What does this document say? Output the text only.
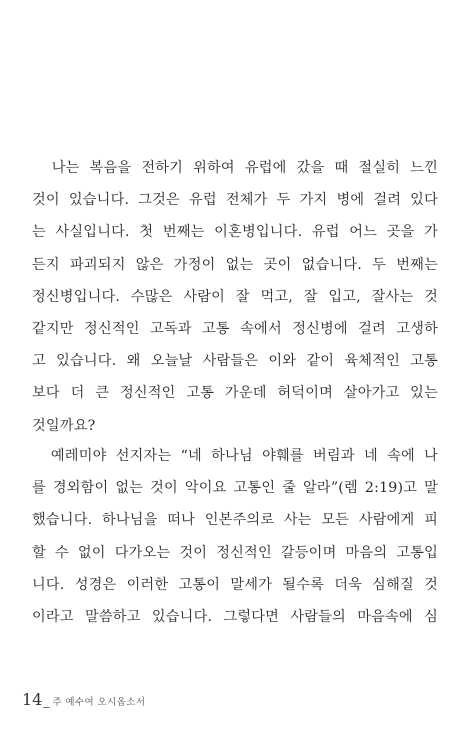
　나는 복음을 전하기 위하여 유럽에 갔을 때 절실히 느낀
것이 있습니다. 그것은 유럽 전체가 두 가지 병에 걸려 있다
는 사실입니다. 첫 번째는 이혼병입니다. 유럽 어느 곳을 가
든지 파괴되지 않은 가정이 없는 곳이 없습니다. 두 번째는
정신병입니다. 수많은 사람이 잘 먹고, 잘 입고, 잘사는 것
같지만 정신적인 고독과 고통 속에서 정신병에 걸려 고생하
고 있습니다. 왜 오늘날 사람들은 이와 같이 육체적인 고통
보다 더 큰 정신적인 고통 가운데 허덕이며 살아가고 있는
것일까요?
　예레미야 선지자는 “네 하나님 야훼를 버림과 네 속에 나
를 경외함이 없는 것이 악이요 고통인 줄 알라”(렘 2:19)고 말
했습니다. 하나님을 떠나 인본주의로 사는 모든 사람에게 피
할 수 없이 다가오는 것이 정신적인 갈등이며 마음의 고통입
니다. 성경은 이러한 고통이 말세가 될수록 더욱 심해질 것
이라고 말씀하고 있습니다. 그렇다면 사람들의 마음속에 심
14 _ 주 예수여 오시옵소서
